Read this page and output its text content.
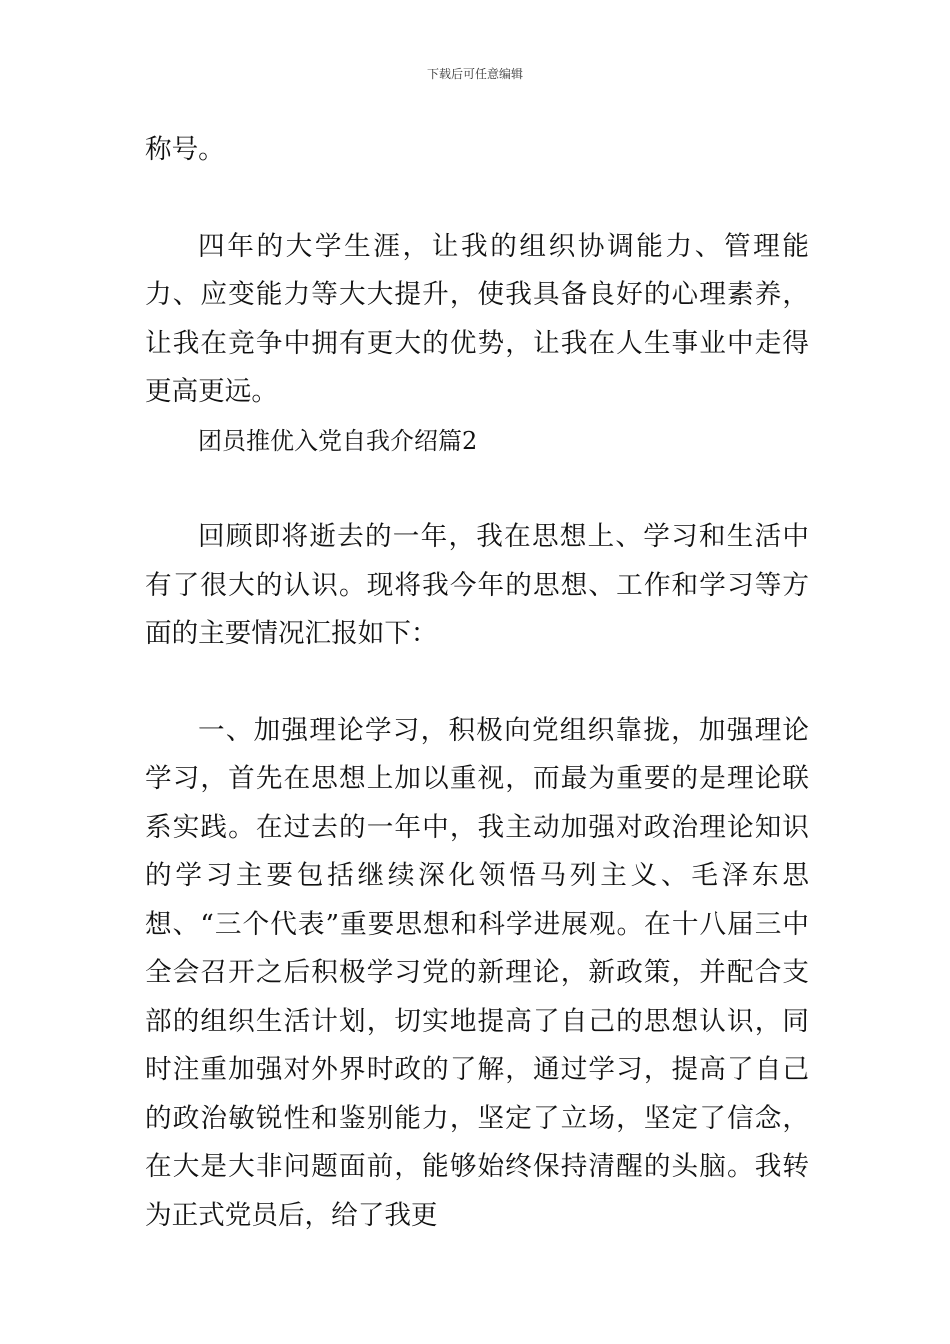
下载后可任意编辑

称号。

四年的大学生涯，让我的组织协调能力、管理能力、应变能力等大大提升，使我具备良好的心理素养，让我在竞争中拥有更大的优势，让我在人生事业中走得更高更远。

团员推优入党自我介绍篇2

回顾即将逝去的一年，我在思想上、学习和生活中有了很大的认识。现将我今年的思想、工作和学习等方面的主要情况汇报如下：

一、加强理论学习，积极向党组织靠拢，加强理论学习，首先在思想上加以重视，而最为重要的是理论联系实践。在过去的一年中，我主动加强对政治理论知识的学习主要包括继续深化领悟马列主义、毛泽东思想、“三个代表”重要思想和科学进展观。在十八届三中全会召开之后积极学习党的新理论，新政策，并配合支部的组织生活计划，切实地提高了自己的思想认识，同时注重加强对外界时政的了解，通过学习，提高了自己的政治敏锐性和鉴别能力，坚定了立场，坚定了信念，在大是大非问题面前，能够始终保持清醒的头脑。我转为正式党员后，给了我更
